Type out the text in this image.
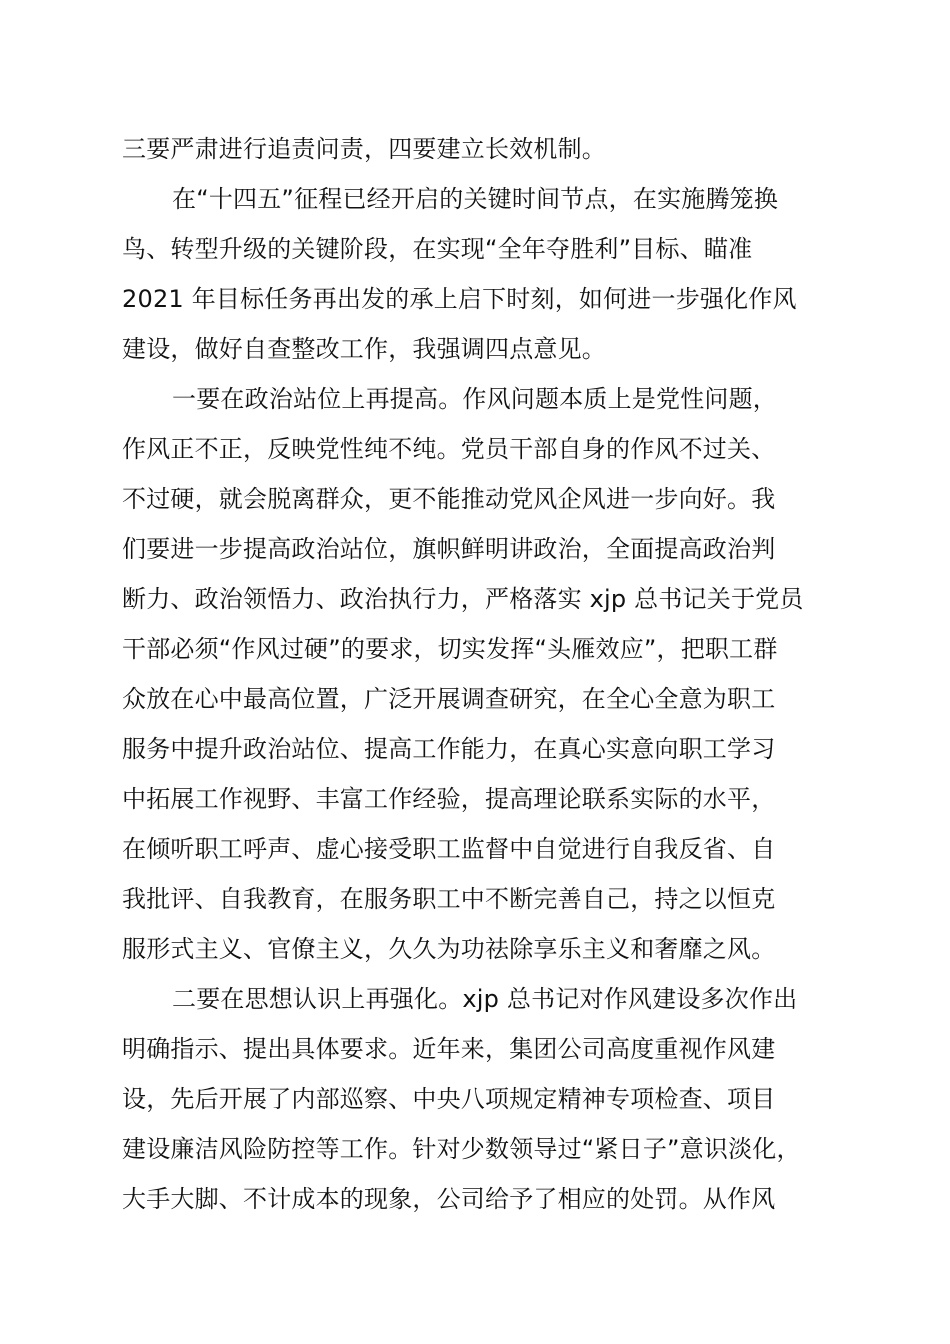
三要严肃进行追责问责，四要建立长效机制。
在“十四五”征程已经开启的关键时间节点，在实施腾笼换
鸟、转型升级的关键阶段，在实现“全年夺胜利”目标、瞄准
2021 年目标任务再出发的承上启下时刻，如何进一步强化作风
建设，做好自查整改工作，我强调四点意见。
一要在政治站位上再提高。作风问题本质上是党性问题，
作风正不正，反映党性纯不纯。党员干部自身的作风不过关、
不过硬，就会脱离群众，更不能推动党风企风进一步向好。我
们要进一步提高政治站位，旗帜鲜明讲政治，全面提高政治判
断力、政治领悟力、政治执行力，严格落实 xjp 总书记关于党员
干部必须“作风过硬”的要求，切实发挥“头雁效应”，把职工群
众放在心中最高位置，广泛开展调查研究，在全心全意为职工
服务中提升政治站位、提高工作能力，在真心实意向职工学习
中拓展工作视野、丰富工作经验，提高理论联系实际的水平，
在倾听职工呼声、虚心接受职工监督中自觉进行自我反省、自
我批评、自我教育，在服务职工中不断完善自己，持之以恒克
服形式主义、官僚主义，久久为功祛除享乐主义和奢靡之风。
二要在思想认识上再强化。xjp 总书记对作风建设多次作出
明确指示、提出具体要求。近年来，集团公司高度重视作风建
设，先后开展了内部巡察、中央八项规定精神专项检查、项目
建设廉洁风险防控等工作。针对少数领导过“紧日子”意识淡化，
大手大脚、不计成本的现象，公司给予了相应的处罚。从作风
